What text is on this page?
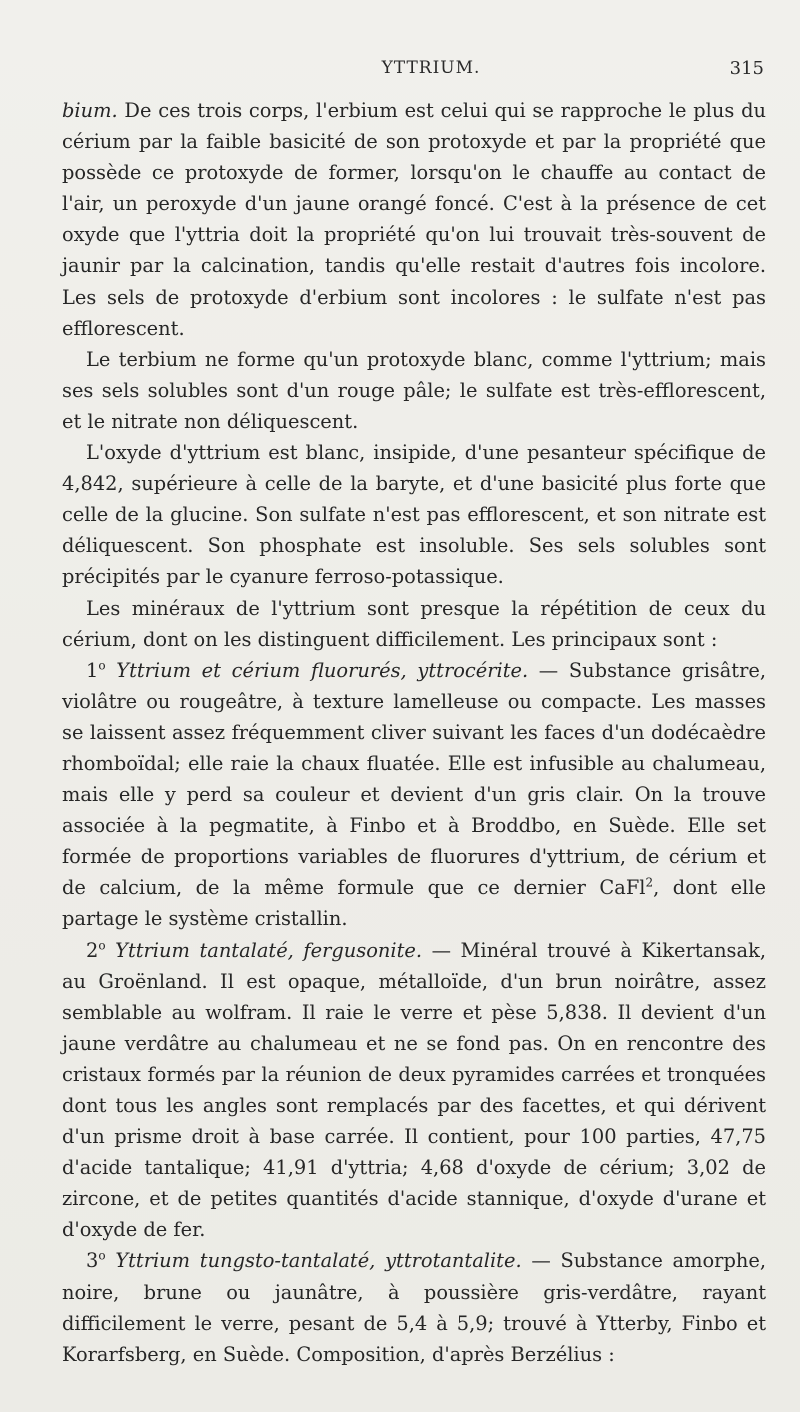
YTTRIUM.	315

bium. De ces trois corps, l'erbium est celui qui se rapproche le plus du cérium par la faible basicité de son protoxyde et par la propriété que possède ce protoxyde de former, lorsqu'on le chauffe au contact de l'air, un peroxyde d'un jaune orangé foncé. C'est à la présence de cet oxyde que l'yttria doit la propriété qu'on lui trouvait très-souvent de jaunir par la calcination, tandis qu'elle restait d'autres fois incolore. Les sels de protoxyde d'erbium sont incolores : le sulfate n'est pas efflorescent.

Le terbium ne forme qu'un protoxyde blanc, comme l'yttrium; mais ses sels solubles sont d'un rouge pâle; le sulfate est très-efflorescent, et le nitrate non déliquescent.

L'oxyde d'yttrium est blanc, insipide, d'une pesanteur spécifique de 4,842, supérieure à celle de la baryte, et d'une basicité plus forte que celle de la glucine. Son sulfate n'est pas efflorescent, et son nitrate est déliquescent. Son phosphate est insoluble. Ses sels solubles sont précipités par le cyanure ferroso-potassique.

Les minéraux de l'yttrium sont presque la répétition de ceux du cérium, dont on les distinguent difficilement. Les principaux sont :

1$^o$ Yttrium et cérium fluorurés, yttrocérite. — Substance grisâtre, violâtre ou rougeâtre, à texture lamelleuse ou compacte. Les masses se laissent assez fréquemment cliver suivant les faces d'un dodécaèdre rhomboïdal; elle raie la chaux fluatée. Elle est infusible au chalumeau, mais elle y perd sa couleur et devient d'un gris clair. On la trouve associée à la pegmatite, à Finbo et à Broddbo, en Suède. Elle set formée de proportions variables de fluorures d'yttrium, de cérium et de calcium, de la même formule que ce dernier CaFl$^2$, dont elle partage le système cristallin.

2$^o$ Yttrium tantalaté, fergusonite. — Minéral trouvé à Kikertansak, au Groënland. Il est opaque, métalloïde, d'un brun noirâtre, assez semblable au wolfram. Il raie le verre et pèse 5,838. Il devient d'un jaune verdâtre au chalumeau et ne se fond pas. On en rencontre des cristaux formés par la réunion de deux pyramides carrées et tronquées dont tous les angles sont remplacés par des facettes, et qui dérivent d'un prisme droit à base carrée. Il contient, pour 100 parties, 47,75 d'acide tantalique; 41,91 d'yttria; 4,68 d'oxyde de cérium; 3,02 de zircone, et de petites quantités d'acide stannique, d'oxyde d'urane et d'oxyde de fer.

3$^o$ Yttrium tungsto-tantalaté, yttrotantalite. — Substance amorphe, noire, brune ou jaunâtre, à poussière gris-verdâtre, rayant difficilement le verre, pesant de 5,4 à 5,9; trouvé à Ytterby, Finbo et Korarfsberg, en Suède. Composition, d'après Berzélius :
